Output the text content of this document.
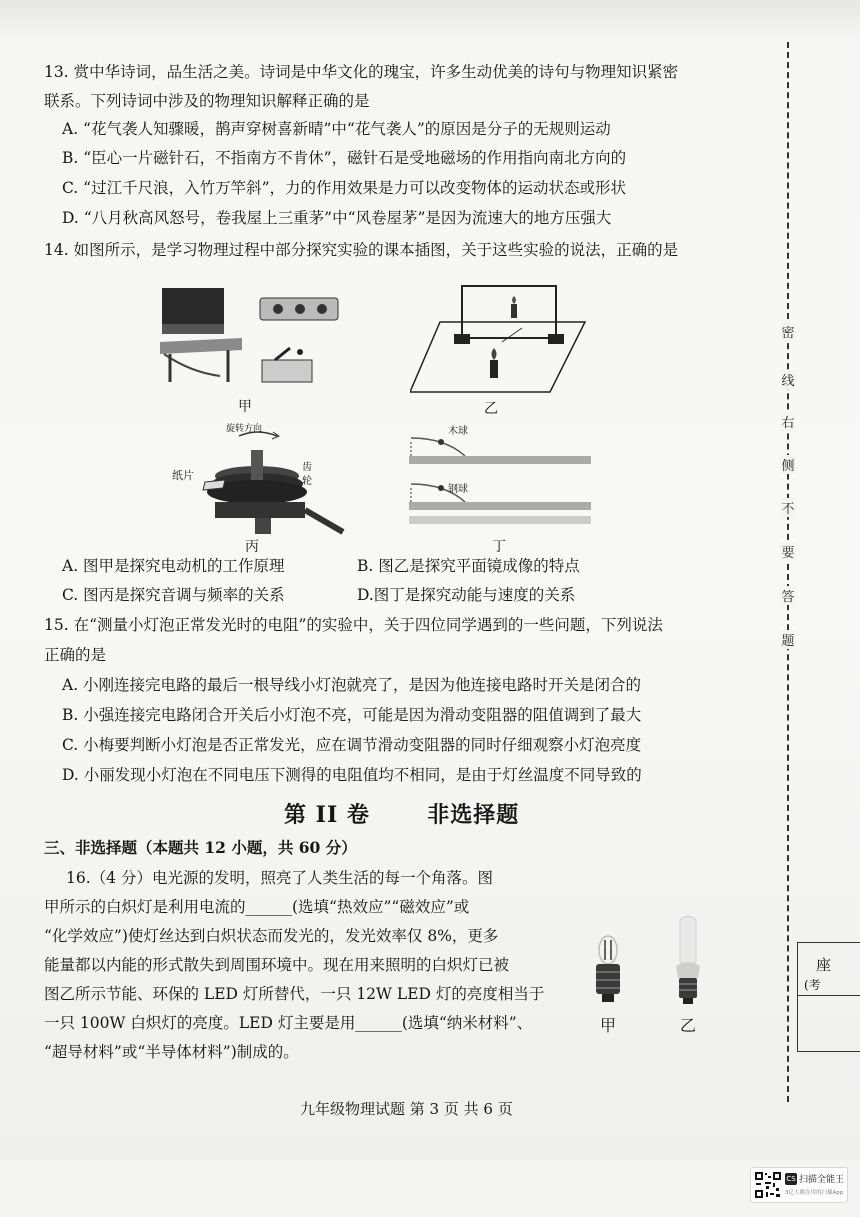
13. 赏中华诗词，品生活之美。诗词是中华文化的瑰宝，许多生动优美的诗句与物理知识紧密
联系。下列诗词中涉及的物理知识解释正确的是
A. “花气袭人知骤暖，鹊声穿树喜新晴”中“花气袭人”的原因是分子的无规则运动
B. “臣心一片磁针石，不指南方不肯休”，磁针石是受地磁场的作用指向南北方向的
C. “过江千尺浪，入竹万竿斜”，力的作用效果是力可以改变物体的运动状态或形状
D. “八月秋高风怒号，卷我屋上三重茅”中“风卷屋茅”是因为流速大的地方压强大
14. 如图所示，是学习物理过程中部分探究实验的课本插图，关于这些实验的说法，正确的是
甲	乙
旋转方向
纸片
齿
轮
丙
木球
钢球
丁
A. 图甲是探究电动机的工作原理	B. 图乙是探究平面镜成像的特点
C. 图丙是探究音调与频率的关系	D.图丁是探究动能与速度的关系
15. 在“测量小灯泡正常发光时的电阻”的实验中，关于四位同学遇到的一些问题，下列说法
正确的是
A. 小刚连接完电路的最后一根导线小灯泡就亮了，是因为他连接电路时开关是闭合的
B. 小强连接完电路闭合开关后小灯泡不亮，可能是因为滑动变阻器的阻值调到了最大
C. 小梅要判断小灯泡是否正常发光，应在调节滑动变阻器的同时仔细观察小灯泡亮度
D. 小丽发现小灯泡在不同电压下测得的电阻值均不相同，是由于灯丝温度不同导致的
第 II 卷	非选择题
三、非选择题（本题共 12 小题，共 60 分）
16.（4 分）电光源的发明，照亮了人类生活的每一个角落。图
甲所示的白炽灯是利用电流的______(选填“热效应”“磁效应”或
“化学效应”)使灯丝达到白炽状态而发光的，发光效率仅 8%，更多
能量都以内能的形式散失到周围环境中。现在用来照明的白炽灯已被
图乙所示节能、环保的 LED 灯所替代，一只 12W LED 灯的亮度相当于
一只 100W 白炽灯的亮度。LED 灯主要是用______(选填“纳米材料”、
“超导材料”或“半导体材料”)制成的。
甲	乙
密
线
右
侧
不
要
答
题
座
(考
九年级物理试题 第 3 页 共 6 页
CS 扫描全能王
3亿人都在用的扫描App
